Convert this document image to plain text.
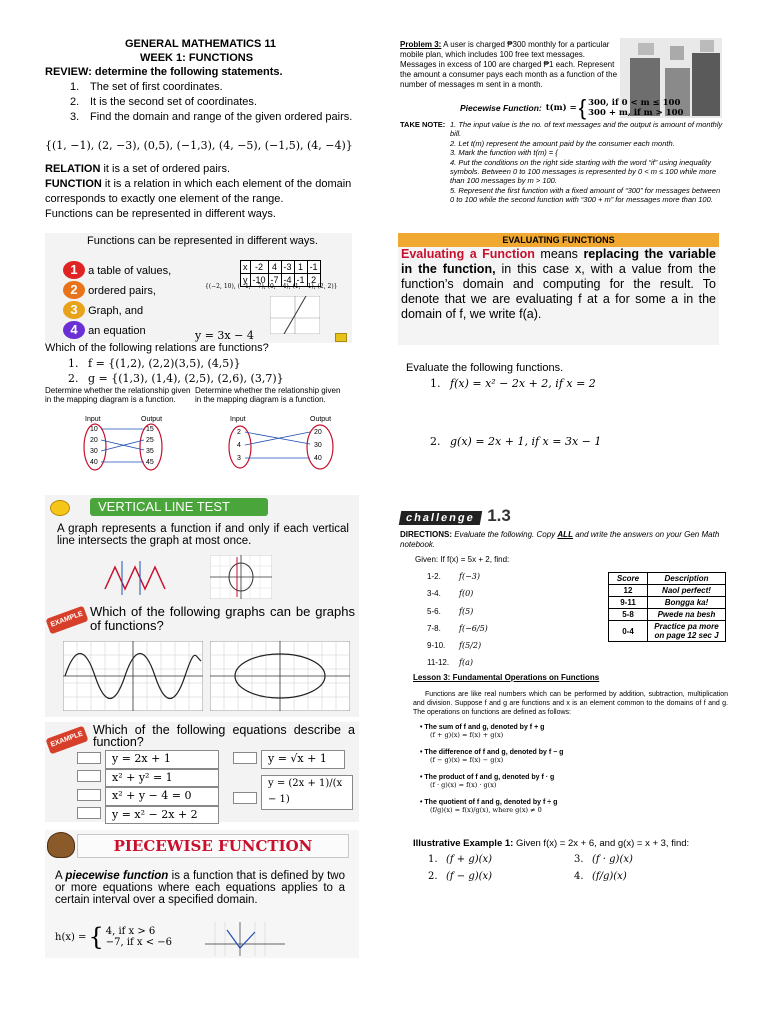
GENERAL MATHEMATICS 11
WEEK 1: FUNCTIONS
REVIEW: determine the following statements.
1. The set of first coordinates.
2. It is the second set of coordinates.
3. Find the domain and range of the given ordered pairs.
{(1, −1), (2, −3), (0,5), (−1,3), (4, −5), (−1,5), (4, −4)}
RELATION it is a set of ordered pairs.
FUNCTION it is a relation in which each element of the domain corresponds to exactly one element of the range.
Functions can be represented in different ways.
Functions can be represented in different ways.
1 a table of values,
2 ordered pairs,
3 Graph, and
4 an equation
x	-2	4	-3	1	-1
y	-10	-7	-4	-1	2
{(−2, 10), (−1, −7), (0, −4), (1, −1), (2, 2)}
y = 3x − 4
Which of the following relations are functions?
1. f = {(1,2), (2,2)(3,5), (4,5)}
2. g = {(1,3), (1,4), (2,5), (2,6), (3,7)}
Determine whether the relationship given in the mapping diagram is a function.
Input	Output
10
20
30
40
15
25
35
45
Determine whether the relationship given in the mapping diagram is a function.
Input	Output
2
4
3
20
30
40
VERTICAL LINE TEST
A graph represents a function if and only if each vertical line intersects the graph at most once.
EXAMPLE Which of the following graphs can be graphs of functions?
EXAMPLE
Which of the following equations describe a function?
y = 2x + 1
x² + y² = 1
x² + y − 4 = 0
y = x² − 2x + 2
y = √x + 1
y = (2x + 1)/(x − 1)
PIECEWISE FUNCTION
A piecewise function is a function that is defined by two or more equations where each equations applies to a certain interval over a specified domain.
h(x) = { 4, if x > 6
−7, if x < −6
Problem 3: A user is charged ₱300 monthly for a particular mobile plan, which includes 100 free text messages. Messages in excess of 100 are charged ₱1 each. Represent the amount a consumer pays each month as a function of the number of messages m sent in a month.
Piecewise Function: t(m) = { 300, if 0 < m ≤ 100
300 + m, if m > 100
TAKE NOTE: 1. The input value is the no. of text messages and the output is amount of monthly bill.
2. Let t(m) represent the amount paid by the consumer each month.
3. Mark the function with t(m) = {
4. Put the conditions on the right side starting with the word “if” using inequality symbols. Between 0 to 100 messages is represented by 0 < m ≤ 100 while more than 100 messages by m > 100.
5. Represent the first function with a fixed amount of “300” for messages between 0 to 100 while the second function with “300 + m” for messages more than 100.
EVALUATING FUNCTIONS
Evaluating a Function means replacing the variable in the function, in this case x, with a value from the function’s domain and computing for the result. To denote that we are evaluating f at a for some a in the domain of f, we write f(a).
Evaluate the following functions.
1. f(x) = x² − 2x + 2, if x = 2
2. g(x) = 2x + 1, if x = 3x − 1
challenge 1.3
DIRECTIONS: Evaluate the following. Copy ALL and write the answers on your Gen Math notebook.
Given: If f(x) = 5x + 2, find:
1-2. f(−3)
3-4. f(0)
5-6. f(5)
7-8. f(−6/5)
9-10. f(5/2)
11-12. f(a)
Score	Description
12	Naol perfect!
9-11	Bongga ka!
5-8	Pwede na besh
0-4	Practice pa more on page 12 sec J
Lesson 3: Fundamental Operations on Functions
Functions are like real numbers which can be performed by addition, subtraction, multiplication and division. Suppose f and g are functions and x is an element common to the domains of f and g. The operations on functions are defined as follows:
• The sum of f and g, denoted by f + g
(f + g)(x) = f(x) + g(x)
• The difference of f and g, denoted by f − g
(f − g)(x) = f(x) − g(x)
• The product of f and g, denoted by f · g
(f · g)(x) = f(x) · g(x)
• The quotient of f and g, denoted by f ÷ g
(f/g)(x) = f(x)/g(x), where g(x) ≠ 0
Illustrative Example 1: Given f(x) = 2x + 6, and g(x) = x + 3, find:
1. (f + g)(x)
2. (f − g)(x)
3. (f · g)(x)
4. (f/g)(x)
